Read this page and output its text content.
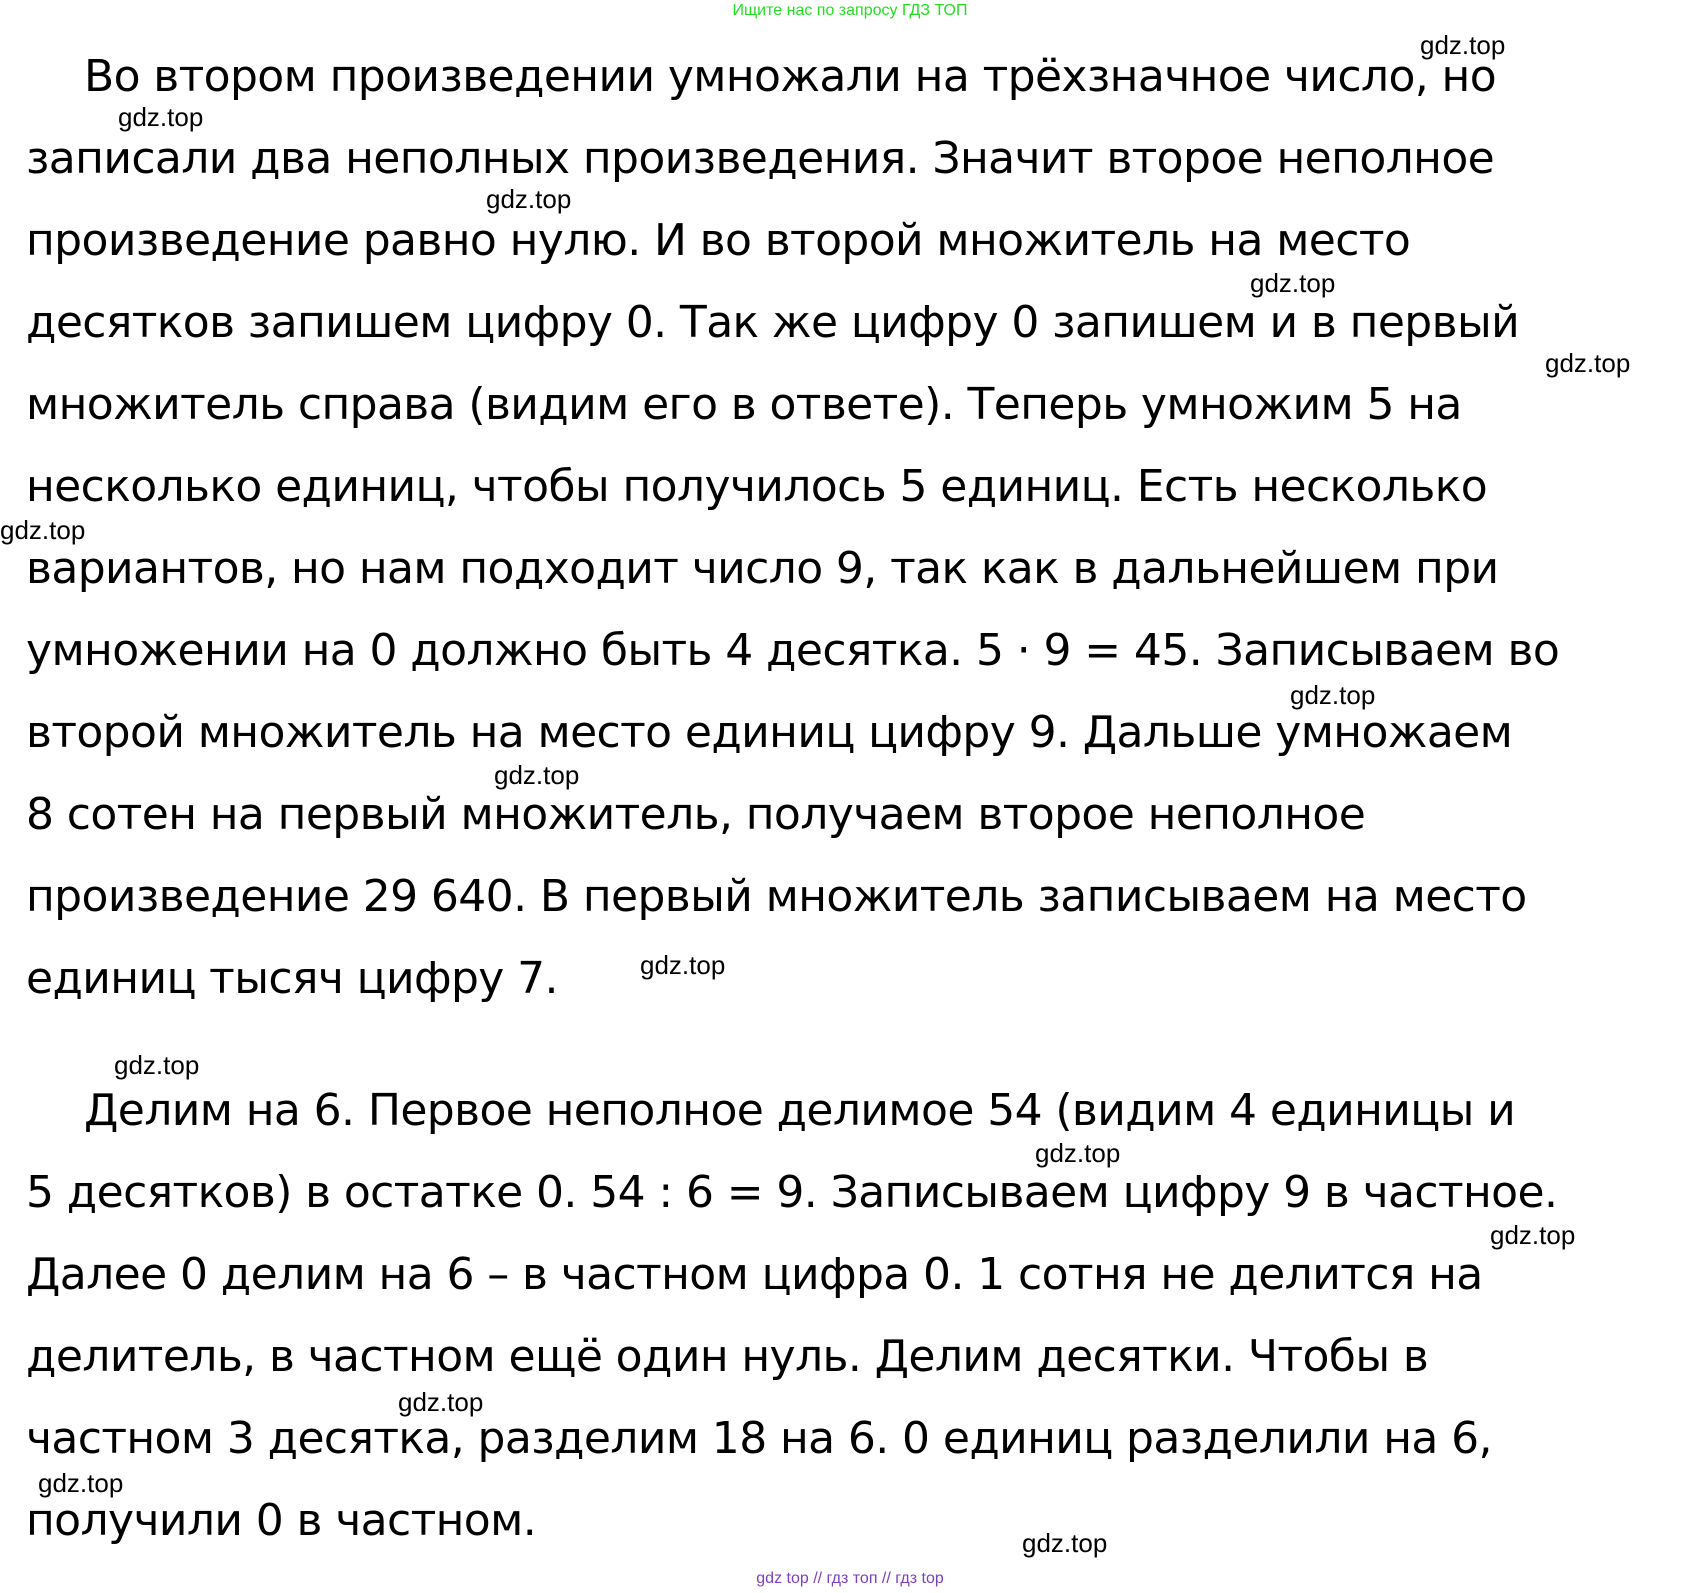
Ищите нас по запросу ГДЗ ТОП
Во втором произведении умножали на трёхзначное число, но
записали два неполных произведения. Значит второе неполное
произведение равно нулю. И во второй множитель на место
десятков запишем цифру 0. Так же цифру 0 запишем и в первый
множитель справа (видим его в ответе). Теперь умножим 5 на
несколько единиц, чтобы получилось 5 единиц. Есть несколько
вариантов, но нам подходит число 9, так как в дальнейшем при
умножении на 0 должно быть 4 десятка. 5 · 9 = 45. Записываем во
второй множитель на место единиц цифру 9. Дальше умножаем
8 сотен на первый множитель, получаем второе неполное
произведение 29 640. В первый множитель записываем на место
единиц тысяч цифру 7.
Делим на 6. Первое неполное делимое 54 (видим 4 единицы и
5 десятков) в остатке 0. 54 : 6 = 9. Записываем цифру 9 в частное.
Далее 0 делим на 6 – в частном цифра 0. 1 сотня не делится на
делитель, в частном ещё один нуль. Делим десятки. Чтобы в
частном 3 десятка, разделим 18 на 6. 0 единиц разделили на 6,
получили 0 в частном.
gdz.top
gdz.top
gdz.top
gdz.top
gdz.top
gdz.top
gdz.top
gdz.top
gdz.top
gdz.top
gdz.top
gdz.top
gdz.top
gdz.top
gdz.top
gdz top // гдз топ // гдз top
